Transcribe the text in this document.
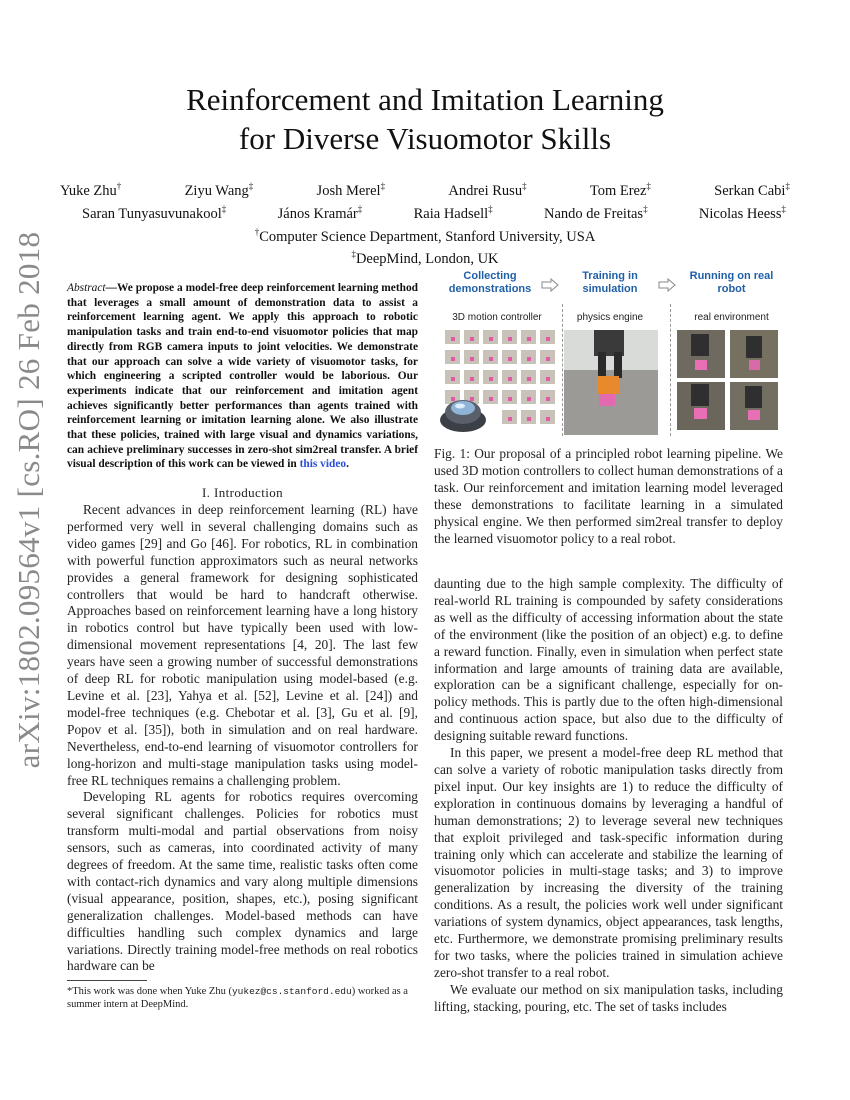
arXiv:1802.09564v1 [cs.RO] 26 Feb 2018
Reinforcement and Imitation Learning
for Diverse Visuomotor Skills
Yuke Zhu†	Ziyu Wang‡	Josh Merel‡	Andrei Rusu‡	Tom Erez‡	Serkan Cabi‡
Saran Tunyasuvunakool‡	János Kramár‡	Raia Hadsell‡	Nando de Freitas‡	Nicolas Heess‡
†Computer Science Department, Stanford University, USA
‡DeepMind, London, UK
Abstract—We propose a model-free deep reinforcement learning method that leverages a small amount of demonstration data to assist a reinforcement learning agent. We apply this approach to robotic manipulation tasks and train end-to-end visuomotor policies that map directly from RGB camera inputs to joint velocities. We demonstrate that our approach can solve a wide variety of visuomotor tasks, for which engineering a scripted controller would be laborious. Our experiments indicate that our reinforcement and imitation agent achieves significantly better performances than agents trained with reinforcement learning or imitation learning alone. We also illustrate that these policies, trained with large visual and dynamics variations, can achieve preliminary successes in zero-shot sim2real transfer. A brief visual description of this work can be viewed in this video.
I. Introduction

Recent advances in deep reinforcement learning (RL) have performed very well in several challenging domains such as video games [29] and Go [46]. For robotics, RL in combination with powerful function approximators such as neural networks provides a general framework for designing sophisticated controllers that would be hard to handcraft otherwise. Approaches based on reinforcement learning have a long history in robotics control but have typically been used with low-dimensional movement representations [4, 20]. The last few years have seen a growing number of successful demonstrations of deep RL for robotic manipulation using model-based (e.g. Levine et al. [23], Yahya et al. [52], Levine et al. [24]) and model-free techniques (e.g. Chebotar et al. [3], Gu et al. [9], Popov et al. [35]), both in simulation and on real hardware. Nevertheless, end-to-end learning of visuomotor controllers for long-horizon and multi-stage manipulation tasks using model-free RL techniques remains a challenging problem.

Developing RL agents for robotics requires overcoming several significant challenges. Policies for robotics must transform multi-modal and partial observations from noisy sensors, such as cameras, into coordinated activity of many degrees of freedom. At the same time, realistic tasks often come with contact-rich dynamics and vary along multiple dimensions (visual appearance, position, shapes, etc.), posing significant generalization challenges. Model-based methods can have difficulties handling such complex dynamics and large variations. Directly training model-free methods on real robotics hardware can be

*This work was done when Yuke Zhu (yukez@cs.stanford.edu) worked as a summer intern at DeepMind.
Collecting demonstrations
Training in simulation
Running on real robot
3D motion controller	physics engine	real environment
Fig. 1: Our proposal of a principled robot learning pipeline. We used 3D motion controllers to collect human demonstrations of a task. Our reinforcement and imitation learning model leveraged these demonstrations to facilitate learning in a simulated physical engine. We then performed sim2real transfer to deploy the learned visuomotor policy to a real robot.

daunting due to the high sample complexity. The difficulty of real-world RL training is compounded by safety considerations as well as the difficulty of accessing information about the state of the environment (like the position of an object) e.g. to define a reward function. Finally, even in simulation when perfect state information and large amounts of training data are available, exploration can be a significant challenge, especially for on-policy methods. This is partly due to the often high-dimensional and continuous action space, but also due to the difficulty of designing suitable reward functions.

In this paper, we present a model-free deep RL method that can solve a variety of robotic manipulation tasks directly from pixel input. Our key insights are 1) to reduce the difficulty of exploration in continuous domains by leveraging a handful of human demonstrations; 2) to leverage several new techniques that exploit privileged and task-specific information during training only which can accelerate and stabilize the learning of visuomotor policies in multi-stage tasks; and 3) to improve generalization by increasing the diversity of the training conditions. As a result, the policies work well under significant variations of system dynamics, object appearances, task lengths, etc. Furthermore, we demonstrate promising preliminary results for two tasks, where the policies trained in simulation achieve zero-shot transfer to a real robot.

We evaluate our method on six manipulation tasks, including lifting, stacking, pouring, etc. The set of tasks includes
